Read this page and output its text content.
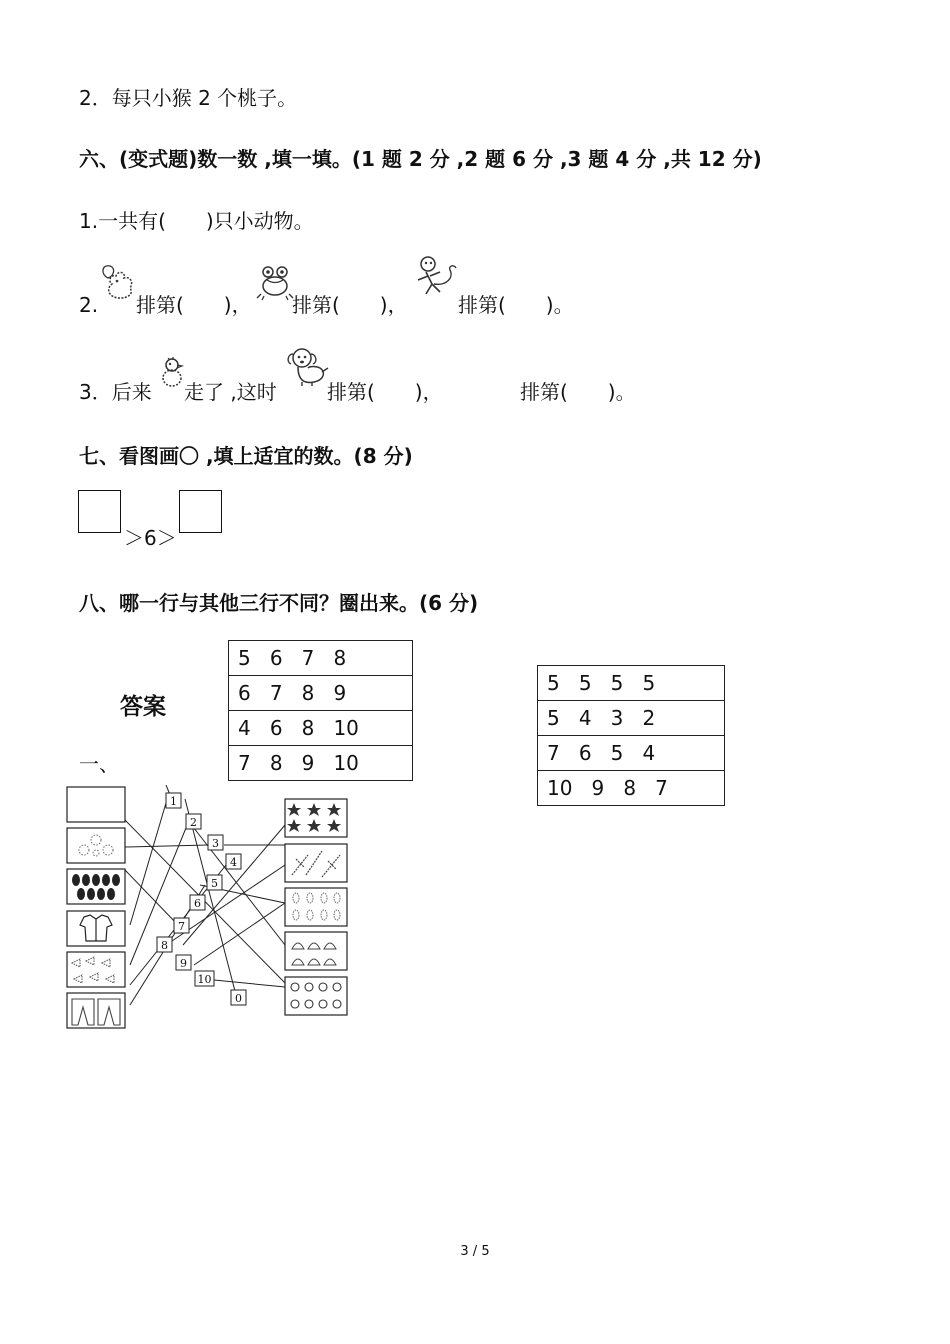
2．每只小猴 2 个桃子。
六、(变式题)数一数 ,填一填。(1 题 2 分 ,2 题 6 分 ,3 题 4 分 ,共 12 分)
1.一共有(　　)只小动物。
2. 排第(　　)， 排第(　　)，	排第(　　)。
3．后来 走了 ,这时	排第(　　)，	排第(　　)。
七、看图画〇 ,填上适宜的数。(8 分)
＞6＞
八、哪一行与其他三行不同？圈出来。(6 分)
5 6 7 8
6 7 8 9
4 6 8 10
7 8 9 10
5 5 5 5
5 4 3 2
7 6 5 4
10 9 8 7
答案
一、
1
2
3
4
5
6
7
8
9
10
0
3 / 5
